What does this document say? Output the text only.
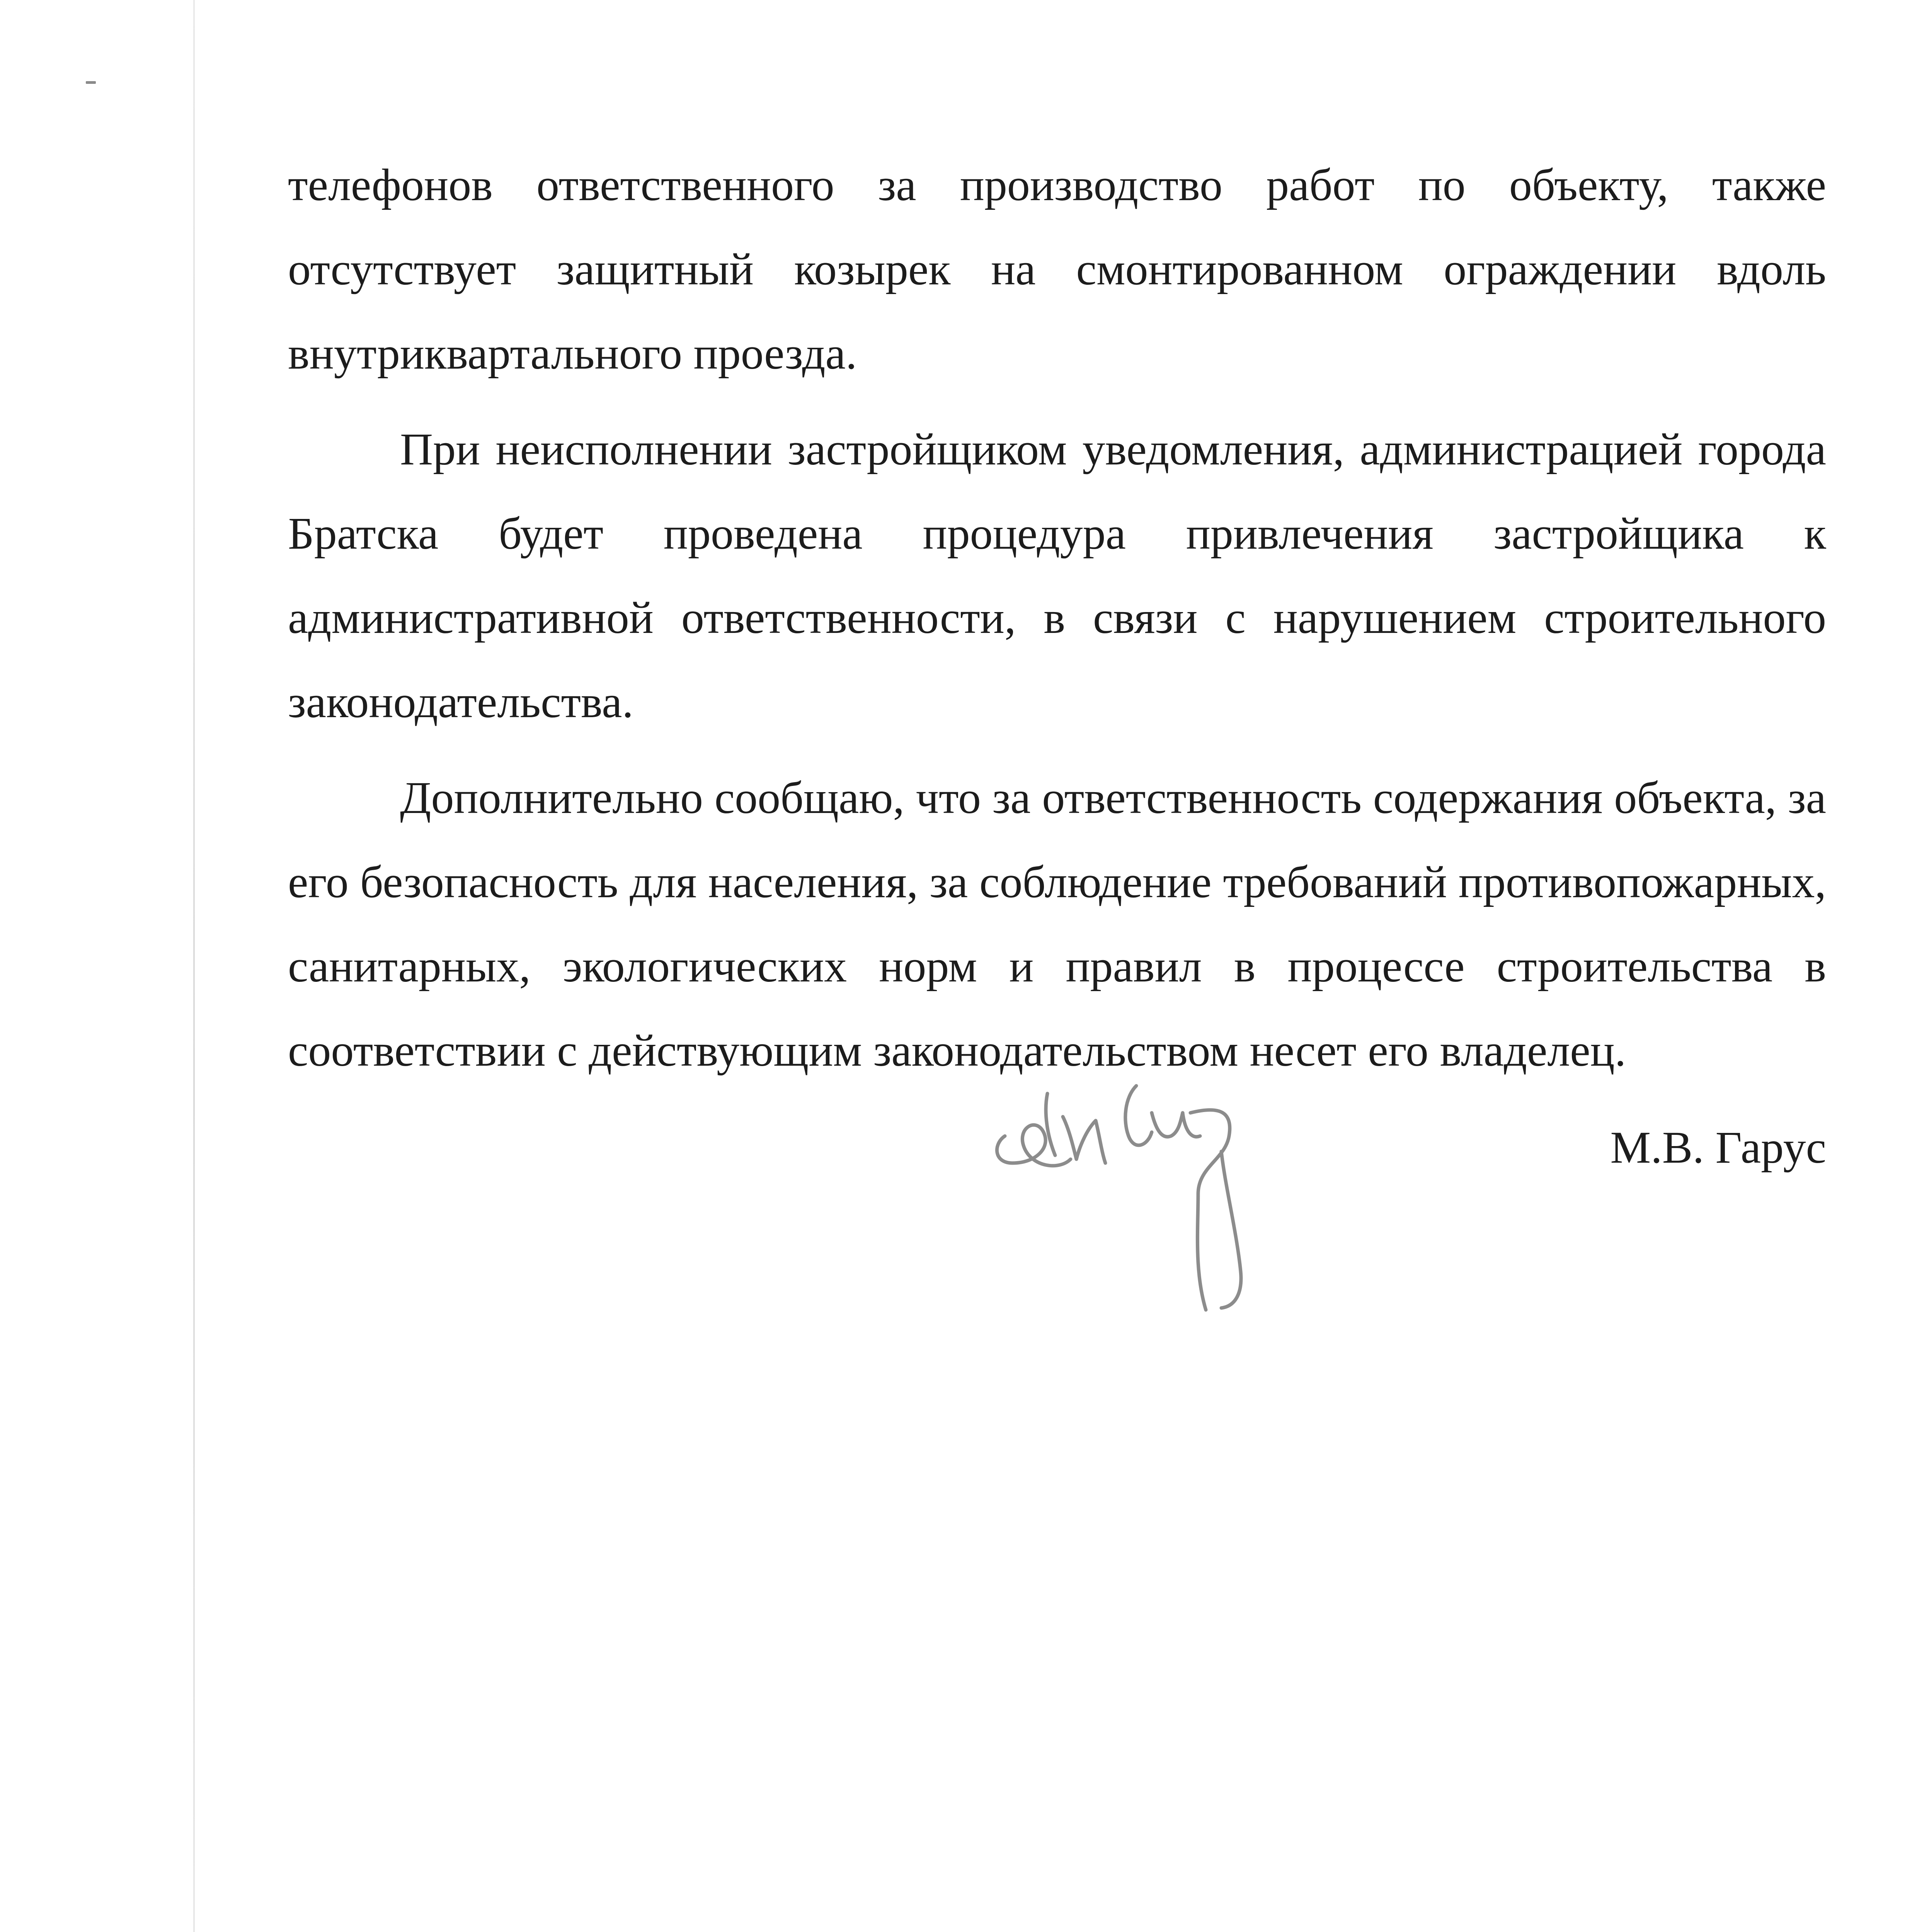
телефонов ответственного за производство работ по объекту, также отсутствует защитный козырек на смонтированном ограждении вдоль внутриквартального проезда.

При неисполнении застройщиком уведомления, администрацией города Братска будет проведена процедура привлечения застройщика к административной ответственности, в связи с нарушением строительного законодательства.

Дополнительно сообщаю, что за ответственность содержания объекта, за его безопасность для населения, за соблюдение требований противопожарных, санитарных, экологических норм и правил в процессе строительства в соответствии с действующим законодательством несет его владелец.

М.В. Гарус
